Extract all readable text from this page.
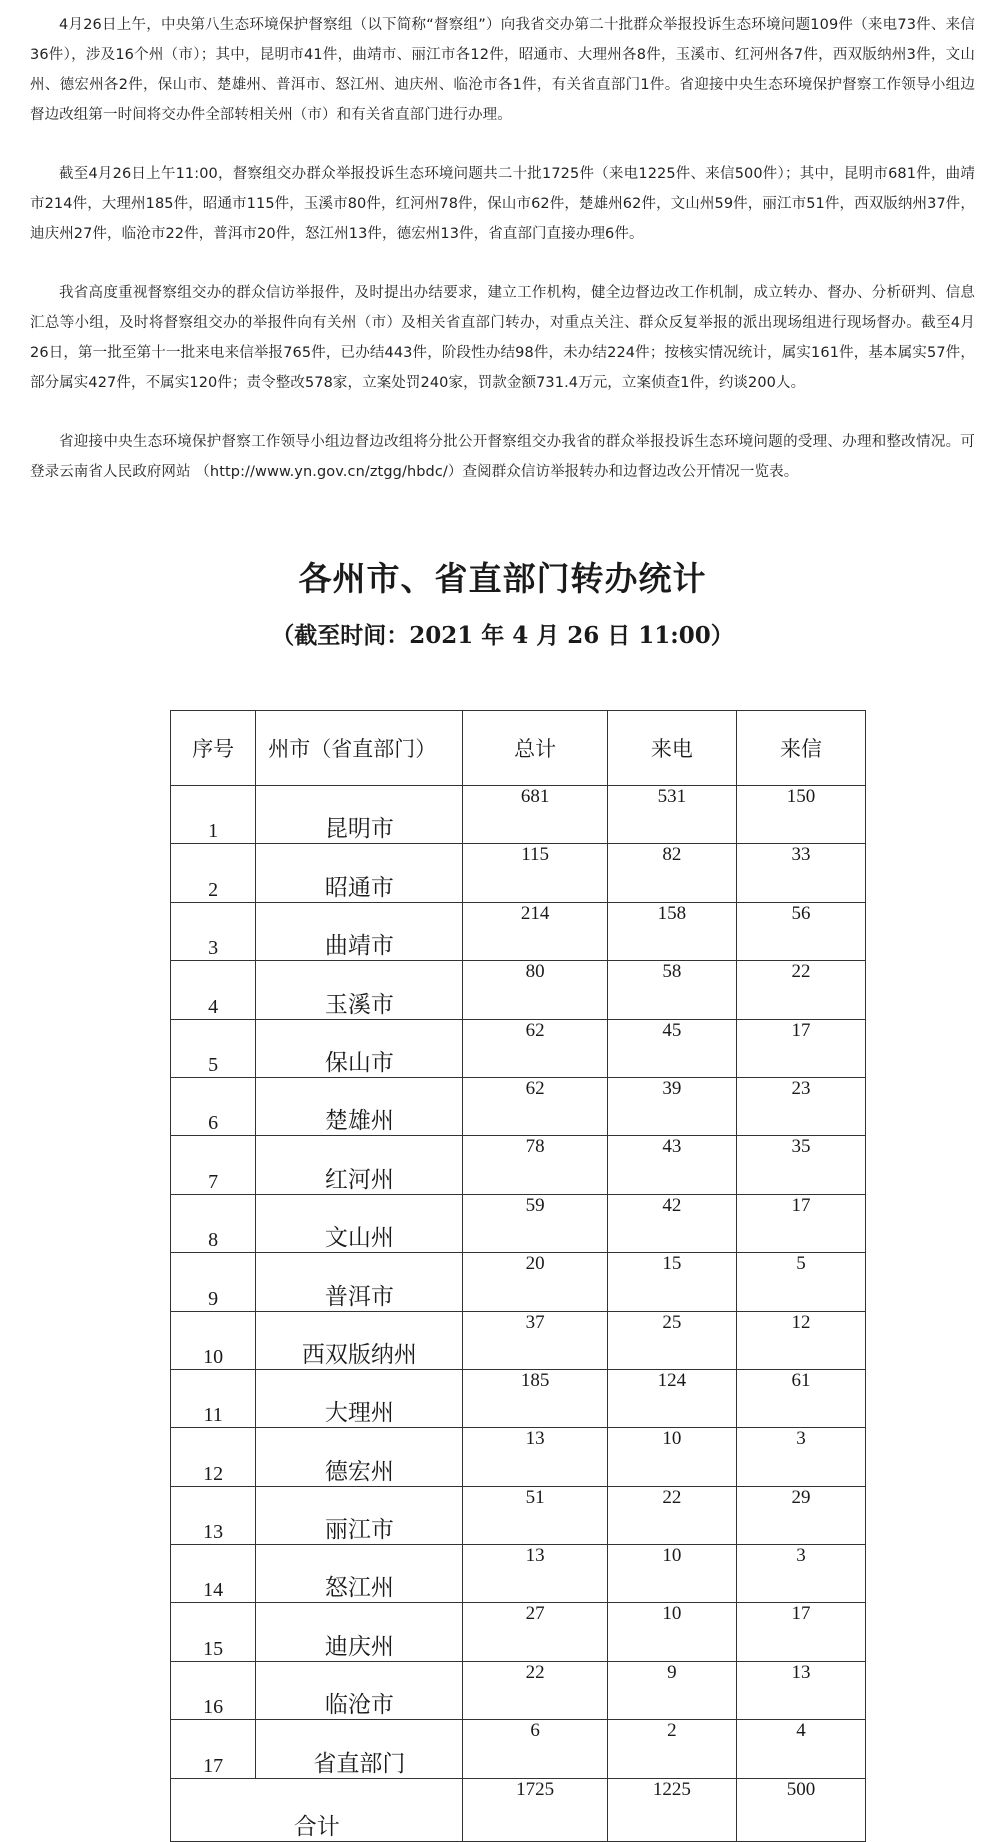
4月26日上午，中央第八生态环境保护督察组（以下简称“督察组”）向我省交办第二十批群众举报投诉生态环境问题109件（来电73件、来信36件），涉及16个州（市）；其中，昆明市41件，曲靖市、丽江市各12件，昭通市、大理州各8件，玉溪市、红河州各7件，西双版纳州3件，文山州、德宏州各2件，保山市、楚雄州、普洱市、怒江州、迪庆州、临沧市各1件，有关省直部门1件。省迎接中央生态环境保护督察工作领导小组边督边改组第一时间将交办件全部转相关州（市）和有关省直部门进行办理。

截至4月26日上午11:00，督察组交办群众举报投诉生态环境问题共二十批1725件（来电1225件、来信500件）；其中，昆明市681件，曲靖市214件，大理州185件，昭通市115件，玉溪市80件，红河州78件，保山市62件，楚雄州62件，文山州59件，丽江市51件，西双版纳州37件，迪庆州27件，临沧市22件，普洱市20件，怒江州13件，德宏州13件，省直部门直接办理6件。

我省高度重视督察组交办的群众信访举报件，及时提出办结要求，建立工作机构，健全边督边改工作机制，成立转办、督办、分析研判、信息汇总等小组，及时将督察组交办的举报件向有关州（市）及相关省直部门转办，对重点关注、群众反复举报的派出现场组进行现场督办。截至4月26日，第一批至第十一批来电来信举报765件，已办结443件，阶段性办结98件，未办结224件；按核实情况统计，属实161件，基本属实57件，部分属实427件，不属实120件；责令整改578家，立案处罚240家，罚款金额731.4万元，立案侦查1件，约谈200人。

省迎接中央生态环境保护督察工作领导小组边督边改组将分批公开督察组交办我省的群众举报投诉生态环境问题的受理、办理和整改情况。可登录云南省人民政府网站 （http://www.yn.gov.cn/ztgg/hbdc/）查阅群众信访举报转办和边督边改公开情况一览表。

各州市、省直部门转办统计
（截至时间：2021 年 4 月 26 日 11:00）
序号	州市（省直部门）	总计	来电	来信
1	昆明市	681	531	150
2	昭通市	115	82	33
3	曲靖市	214	158	56
4	玉溪市	80	58	22
5	保山市	62	45	17
6	楚雄州	62	39	23
7	红河州	78	43	35
8	文山州	59	42	17
9	普洱市	20	15	5
10	西双版纳州	37	25	12
11	大理州	185	124	61
12	德宏州	13	10	3
13	丽江市	51	22	29
14	怒江州	13	10	3
15	迪庆州	27	10	17
16	临沧市	22	9	13
17	省直部门	6	2	4
合计		1725	1225	500
